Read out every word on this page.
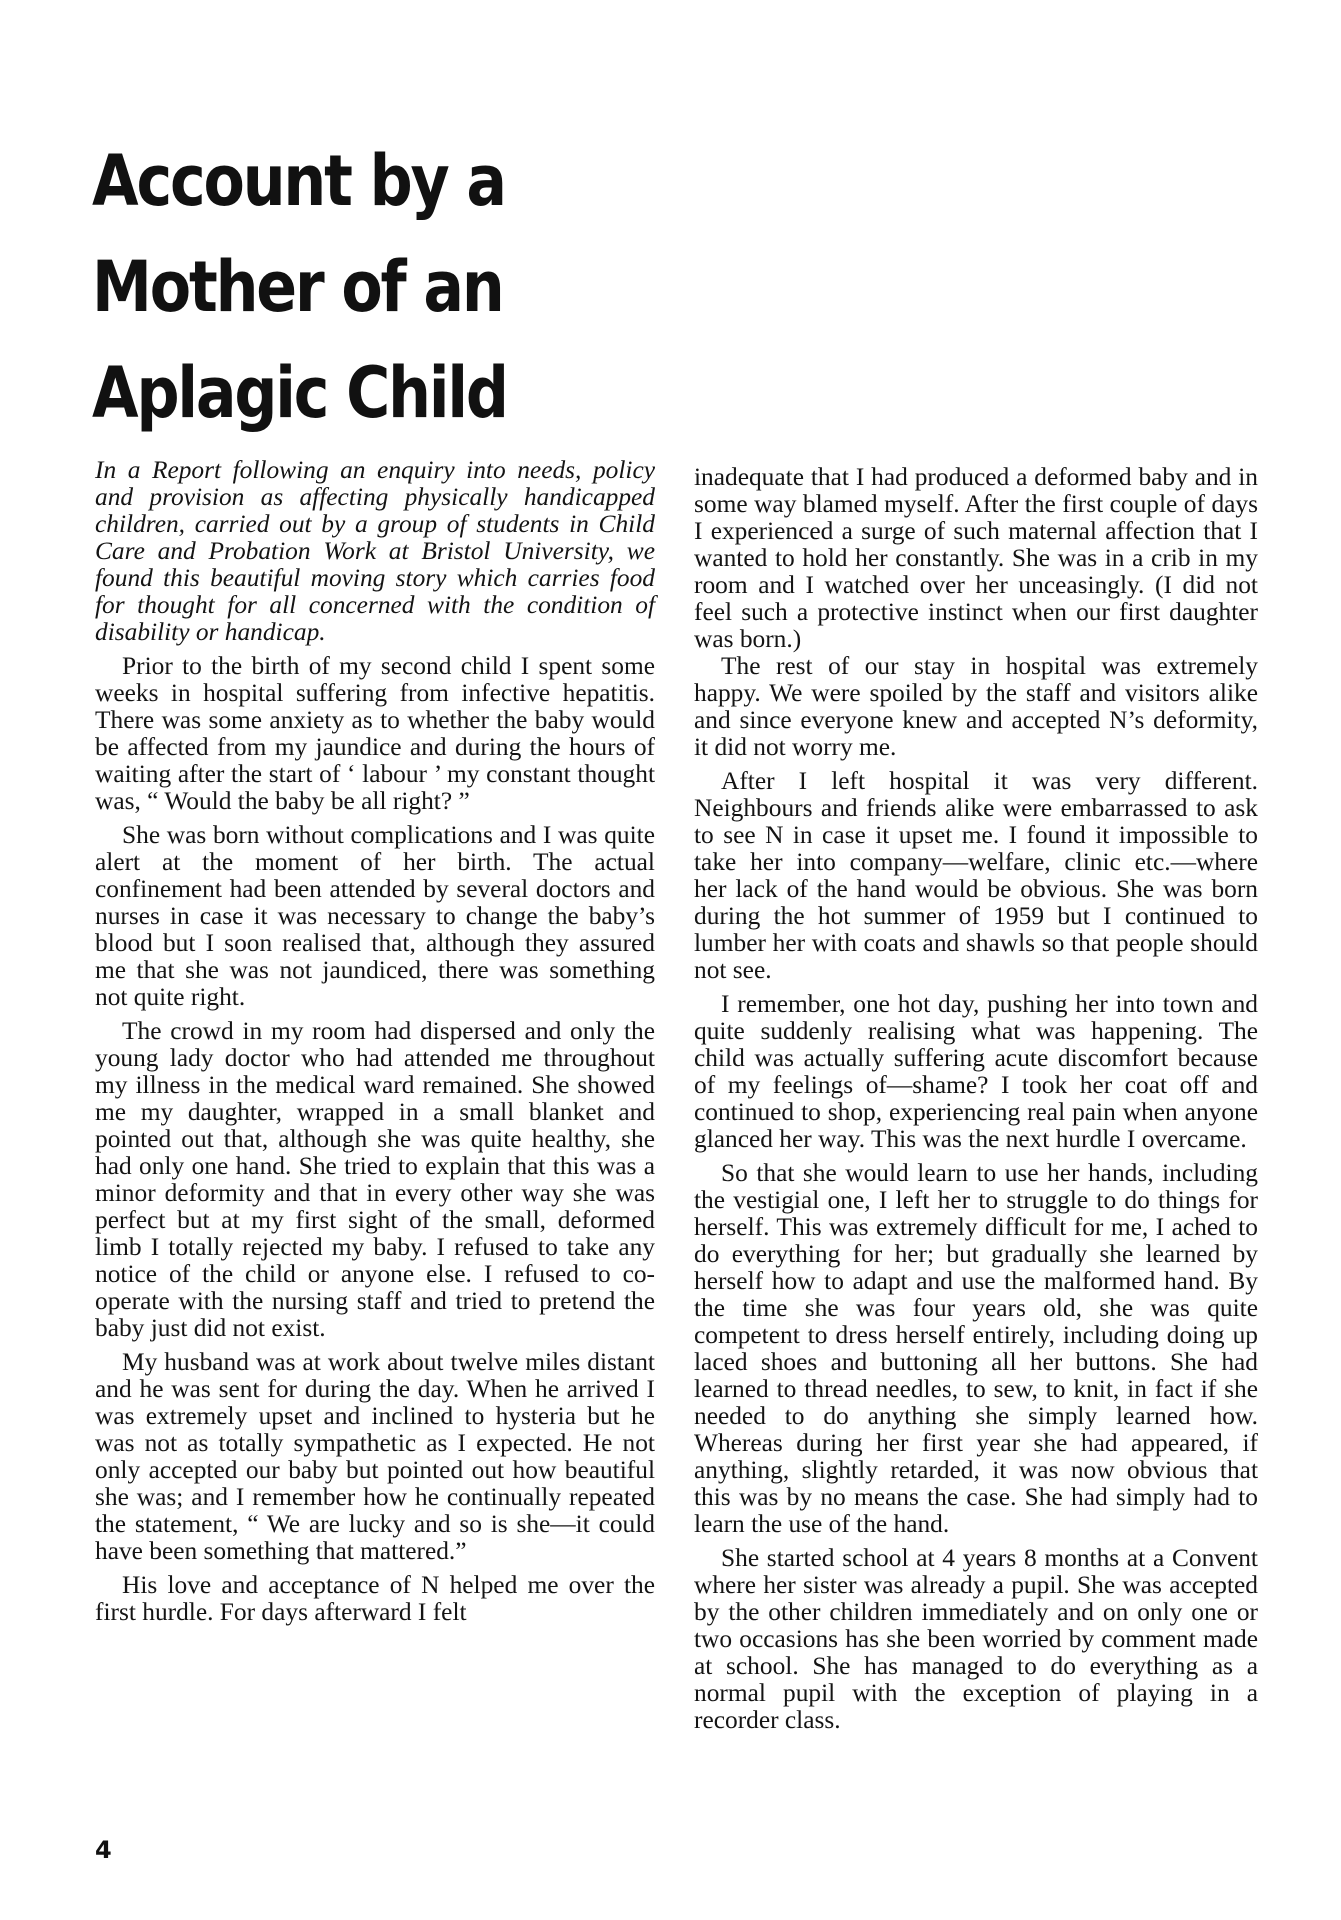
Account by a
Mother of an
Aplagic Child

In a Report following an enquiry into needs, policy and provision as affecting physically handicapped children, carried out by a group of students in Child Care and Probation Work at Bristol University, we found this beautiful moving story which carries food for thought for all concerned with the condition of disability or handicap.

Prior to the birth of my second child I spent some weeks in hospital suffering from infective hepatitis. There was some anxiety as to whether the baby would be affected from my jaundice and during the hours of waiting after the start of ‘ labour ’ my constant thought was, “ Would the baby be all right? ”

She was born without complications and I was quite alert at the moment of her birth. The actual confinement had been attended by several doctors and nurses in case it was necessary to change the baby’s blood but I soon realised that, although they assured me that she was not jaundiced, there was something not quite right.

The crowd in my room had dispersed and only the young lady doctor who had attended me throughout my illness in the medical ward remained. She showed me my daughter, wrapped in a small blanket and pointed out that, although she was quite healthy, she had only one hand. She tried to explain that this was a minor deformity and that in every other way she was perfect but at my first sight of the small, deformed limb I totally rejected my baby. I refused to take any notice of the child or anyone else. I refused to co-operate with the nursing staff and tried to pretend the baby just did not exist.

My husband was at work about twelve miles distant and he was sent for during the day. When he arrived I was extremely upset and inclined to hysteria but he was not as totally sympathetic as I expected. He not only accepted our baby but pointed out how beautiful she was; and I remember how he continually repeated the statement, “ We are lucky and so is she—it could have been something that mattered.”

His love and acceptance of N helped me over the first hurdle. For days afterward I felt

inadequate that I had produced a deformed baby and in some way blamed myself. After the first couple of days I experienced a surge of such maternal affection that I wanted to hold her constantly. She was in a crib in my room and I watched over her unceasingly. (I did not feel such a protective instinct when our first daughter was born.)

The rest of our stay in hospital was extremely happy. We were spoiled by the staff and visitors alike and since everyone knew and accepted N’s deformity, it did not worry me.

After I left hospital it was very different. Neighbours and friends alike were embarrassed to ask to see N in case it upset me. I found it impossible to take her into company—welfare, clinic etc.—where her lack of the hand would be obvious. She was born during the hot summer of 1959 but I continued to lumber her with coats and shawls so that people should not see.

I remember, one hot day, pushing her into town and quite suddenly realising what was happening. The child was actually suffering acute discomfort because of my feelings of—shame? I took her coat off and continued to shop, experiencing real pain when anyone glanced her way. This was the next hurdle I overcame.

So that she would learn to use her hands, including the vestigial one, I left her to struggle to do things for herself. This was extremely difficult for me, I ached to do everything for her; but gradually she learned by herself how to adapt and use the malformed hand. By the time she was four years old, she was quite competent to dress herself entirely, including doing up laced shoes and buttoning all her buttons. She had learned to thread needles, to sew, to knit, in fact if she needed to do anything she simply learned how. Whereas during her first year she had appeared, if anything, slightly retarded, it was now obvious that this was by no means the case. She had simply had to learn the use of the hand.

She started school at 4 years 8 months at a Convent where her sister was already a pupil. She was accepted by the other children immediately and on only one or two occasions has she been worried by comment made at school. She has managed to do everything as a normal pupil with the exception of playing in a recorder class.

4
